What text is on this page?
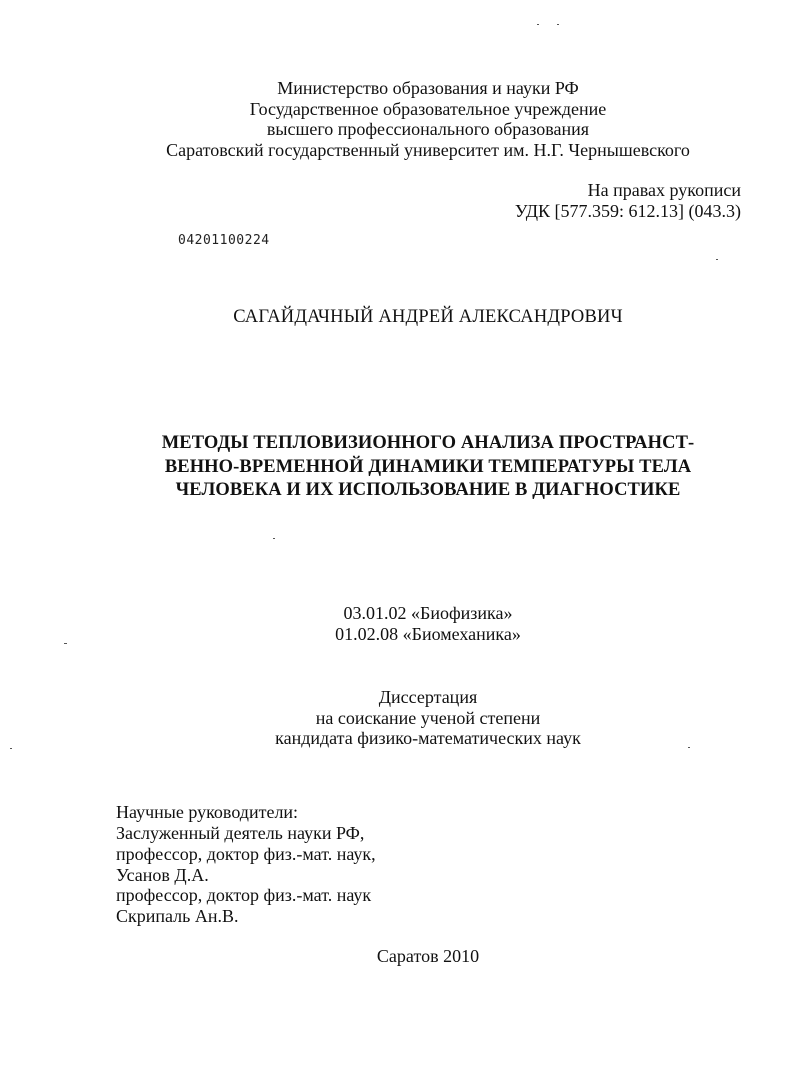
Министерство образования и науки РФ
Государственное образовательное учреждение
высшего профессионального образования
Саратовский государственный университет им. Н.Г. Чернышевского
На правах рукописи
УДК [577.359: 612.13] (043.3)
04201100224
САГАЙДАЧНЫЙ АНДРЕЙ АЛЕКСАНДРОВИЧ
МЕТОДЫ ТЕПЛОВИЗИОННОГО АНАЛИЗА ПРОСТРАНСТ-
ВЕННО-ВРЕМЕННОЙ ДИНАМИКИ ТЕМПЕРАТУРЫ ТЕЛА
ЧЕЛОВЕКА И ИХ ИСПОЛЬЗОВАНИЕ В ДИАГНОСТИКЕ
03.01.02 «Биофизика»
01.02.08 «Биомеханика»
Диссертация
на соискание ученой степени
кандидата физико-математических наук
Научные руководители:
Заслуженный деятель науки РФ,
профессор, доктор физ.-мат. наук,
Усанов Д.А.
профессор, доктор физ.-мат. наук
Скрипаль Ан.В.
Саратов 2010
